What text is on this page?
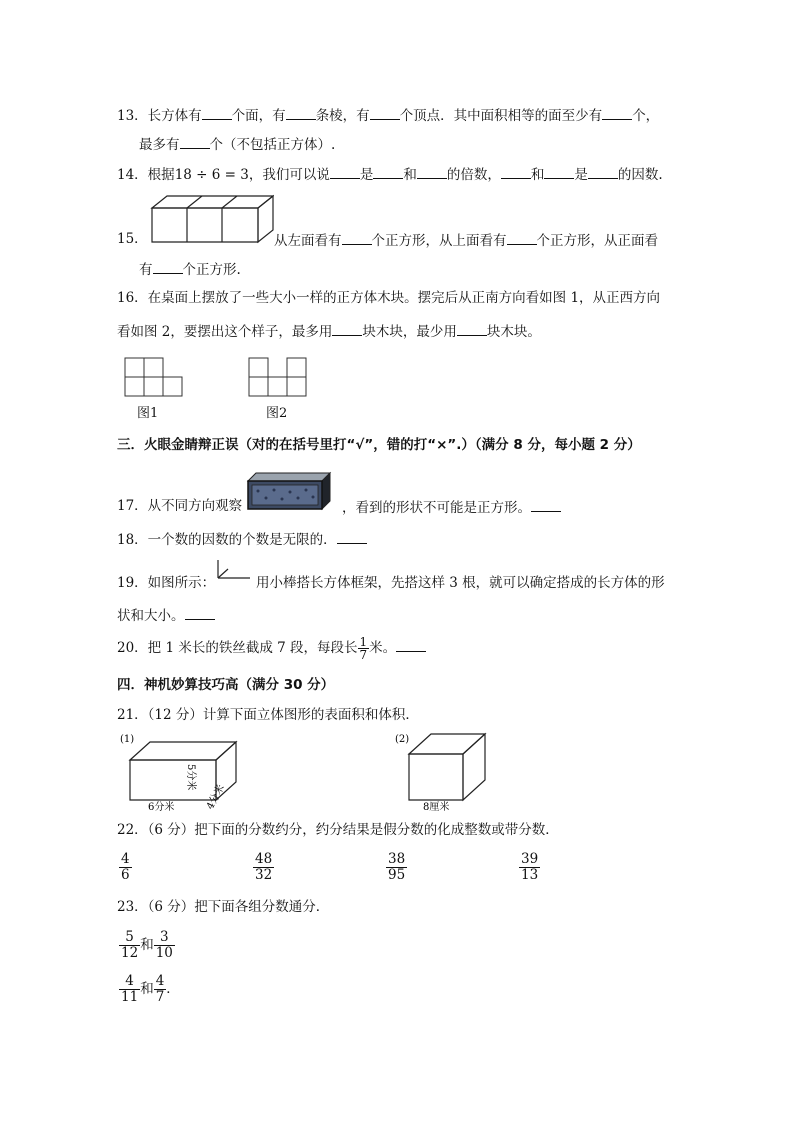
13．长方体有 个面，有 条棱，有 个顶点．其中面积相等的面至少有 个，
最多有 个（不包括正方体）.
14．根据18 ÷ 6 = 3，我们可以说 是 和 的倍数， 和 是 的因数.
15．	从左面看有 个正方形，从上面看有 个正方形，从正面看
有 个正方形.
16．在桌面上摆放了一些大小一样的正方体木块。摆完后从正南方向看如图 1，从正西方向
看如图 2，要摆出这个样子，最多用 块木块，最少用 块木块。
图1	图2
三．火眼金睛辩正误（对的在括号里打“√”，错的打“×”.）（满分 8 分，每小题 2 分）
17．从不同方向观察	，看到的形状不可能是正方形。
18．一个数的因数的个数是无限的．
19．如图所示：	用小棒搭长方体框架，先搭这样 3 根，就可以确定搭成的长方体的形
状和大小。
20．把 1 米长的铁丝截成 7 段，每段长 $\frac{1}{7}$ 米。
四．神机妙算技巧高（满分 30 分）
21．（12 分）计算下面立体图形的表面积和体积．
(1)
5分米
4分米
6分米
(2)
8厘米
22．（6 分）把下面的分数约分，约分结果是假分数的化成整数或带分数．
$\frac{4}{6}$	$\frac{48}{32}$	$\frac{38}{95}$	$\frac{39}{13}$
23．（6 分）把下面各组分数通分．
$\frac{5}{12}$ 和 $\frac{3}{10}$
$\frac{4}{11}$ 和 $\frac{4}{7}$ ．
